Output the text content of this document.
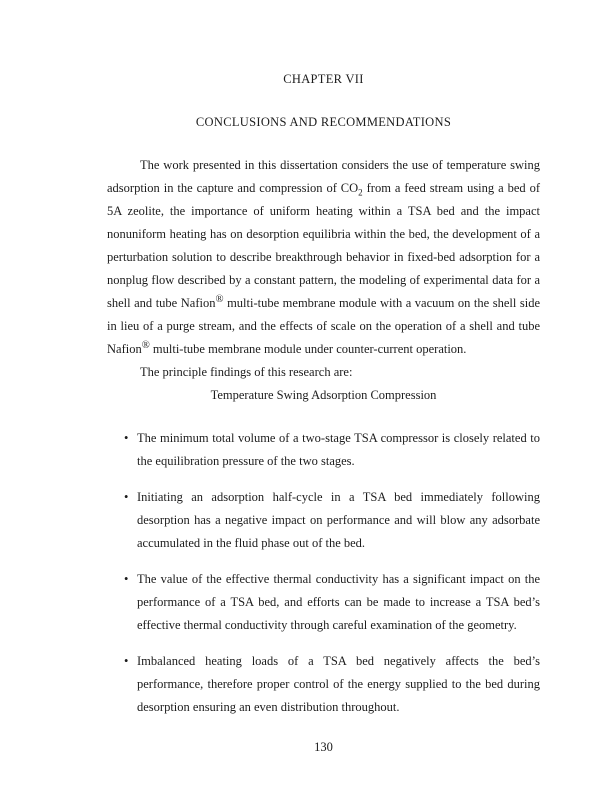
CHAPTER VII
CONCLUSIONS AND RECOMMENDATIONS

The work presented in this dissertation considers the use of temperature swing adsorption in the capture and compression of $CO_2$ from a feed stream using a bed of 5A zeolite, the importance of uniform heating within a TSA bed and the impact nonuniform heating has on desorption equilibria within the bed, the development of a perturbation solution to describe breakthrough behavior in fixed-bed adsorption for a nonplug flow described by a constant pattern, the modeling of experimental data for a shell and tube Nafion® multi-tube membrane module with a vacuum on the shell side in lieu of a purge stream, and the effects of scale on the operation of a shell and tube Nafion® multi-tube membrane module under counter-current operation.

The principle findings of this research are:

Temperature Swing Adsorption Compression
• The minimum total volume of a two-stage TSA compressor is closely related to the equilibration pressure of the two stages.
• Initiating an adsorption half-cycle in a TSA bed immediately following desorption has a negative impact on performance and will blow any adsorbate accumulated in the fluid phase out of the bed.
• The value of the effective thermal conductivity has a significant impact on the performance of a TSA bed, and efforts can be made to increase a TSA bed’s effective thermal conductivity through careful examination of the geometry.
• Imbalanced heating loads of a TSA bed negatively affects the bed’s performance, therefore proper control of the energy supplied to the bed during desorption ensuring an even distribution throughout.
130
